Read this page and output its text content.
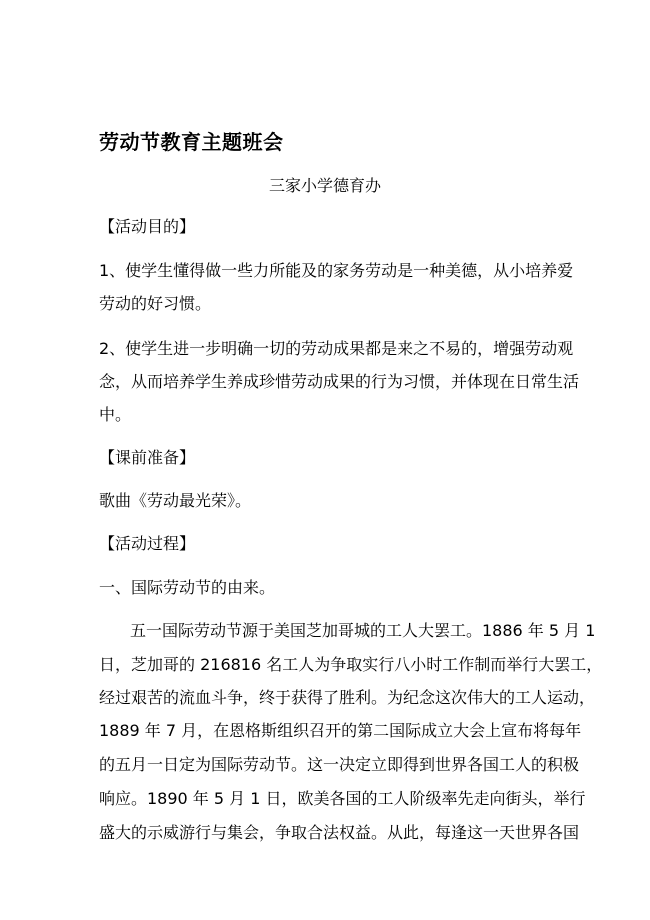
劳动节教育主题班会
三家小学德育办
【活动目的】
1、使学生懂得做一些力所能及的家务劳动是一种美德，从小培养爱
劳动的好习惯。
2、使学生进一步明确一切的劳动成果都是来之不易的，增强劳动观
念，从而培养学生养成珍惜劳动成果的行为习惯，并体现在日常生活
中。
【课前准备】
歌曲《劳动最光荣》。
【活动过程】
一、国际劳动节的由来。
五一国际劳动节源于美国芝加哥城的工人大罢工。1886 年 5 月 1
日，芝加哥的 216816 名工人为争取实行八小时工作制而举行大罢工，
经过艰苦的流血斗争，终于获得了胜利。为纪念这次伟大的工人运动，
1889 年 7 月，在恩格斯组织召开的第二国际成立大会上宣布将每年
的五月一日定为国际劳动节。这一决定立即得到世界各国工人的积极
响应。1890 年 5 月 1 日，欧美各国的工人阶级率先走向街头，举行
盛大的示威游行与集会，争取合法权益。从此，每逢这一天世界各国
